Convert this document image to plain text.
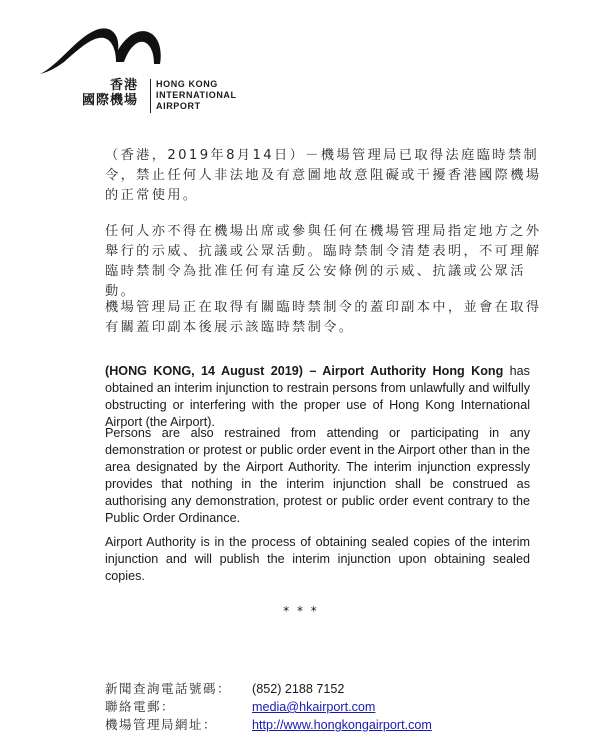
香港
國際機場
HONG KONG
INTERNATIONAL
AIRPORT

（香港，2019年8月14日）－機場管理局已取得法庭臨時禁制令，禁止任何人非法地及有意圖地故意阻礙或干擾香港國際機場的正常使用。

任何人亦不得在機場出席或參與任何在機場管理局指定地方之外舉行的示威、抗議或公眾活動。臨時禁制令清楚表明，不可理解臨時禁制令為批准任何有違反公安條例的示威、抗議或公眾活動。

機場管理局正在取得有關臨時禁制令的蓋印副本中，並會在取得有關蓋印副本後展示該臨時禁制令。

(HONG KONG, 14 August 2019) – Airport Authority Hong Kong has obtained an interim injunction to restrain persons from unlawfully and wilfully obstructing or interfering with the proper use of Hong Kong International Airport (the Airport).

Persons are also restrained from attending or participating in any demonstration or protest or public order event in the Airport other than in the area designated by the Airport Authority. The interim injunction expressly provides that nothing in the interim injunction shall be construed as authorising any demonstration, protest or public order event contrary to the Public Order Ordinance.

Airport Authority is in the process of obtaining sealed copies of the interim injunction and will publish the interim injunction upon obtaining sealed copies.

* * *
新聞查詢電話號碼： (852) 2188 7152
聯絡電郵：	media@hkairport.com
機場管理局網址：	http://www.hongkongairport.com
